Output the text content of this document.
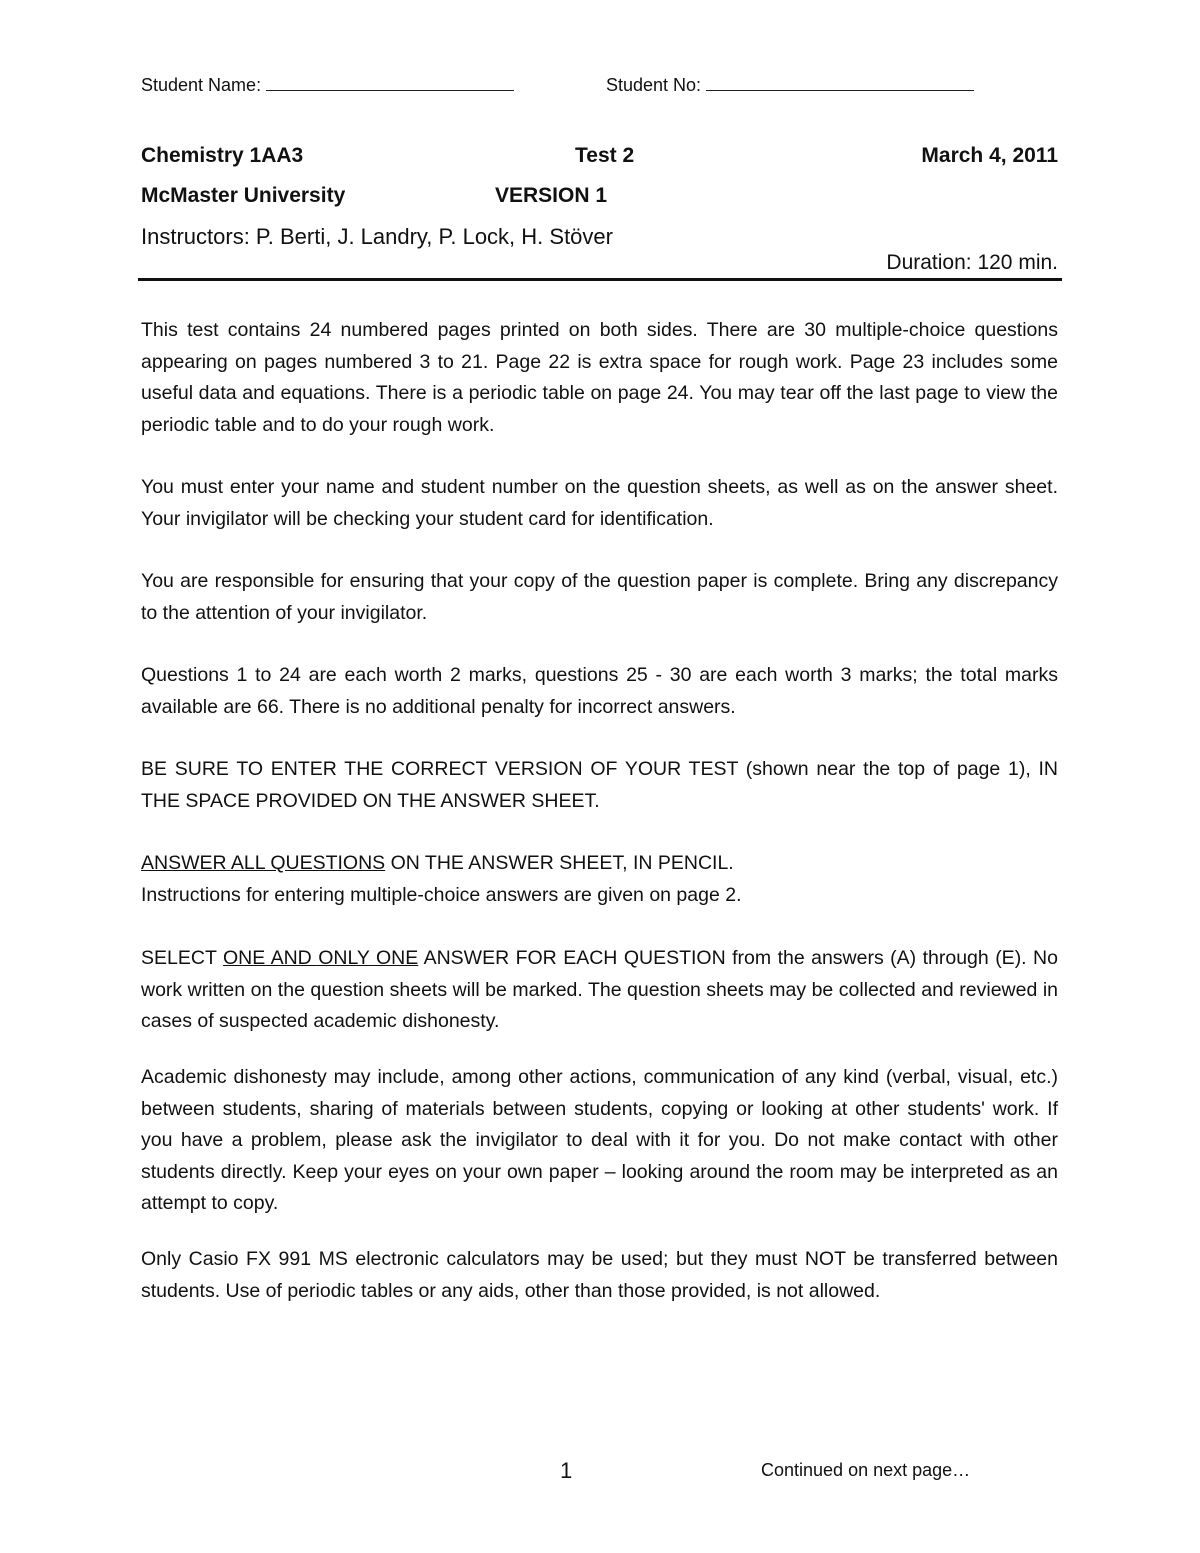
Student Name:	Student No:
Chemistry 1AA3	Test 2	March 4, 2011
McMaster University	VERSION 1
Instructors: P. Berti, J. Landry, P. Lock, H. Stöver
Duration: 120 min.
This test contains 24 numbered pages printed on both sides. There are 30 multiple-choice questions appearing on pages numbered 3 to 21. Page 22 is extra space for rough work. Page 23 includes some useful data and equations. There is a periodic table on page 24. You may tear off the last page to view the periodic table and to do your rough work.
You must enter your name and student number on the question sheets, as well as on the answer sheet. Your invigilator will be checking your student card for identification.
You are responsible for ensuring that your copy of the question paper is complete. Bring any discrepancy to the attention of your invigilator.
Questions 1 to 24 are each worth 2 marks, questions 25 - 30 are each worth 3 marks; the total marks available are 66. There is no additional penalty for incorrect answers.
BE SURE TO ENTER THE CORRECT VERSION OF YOUR TEST (shown near the top of page 1), IN THE SPACE PROVIDED ON THE ANSWER SHEET.
ANSWER ALL QUESTIONS ON THE ANSWER SHEET, IN PENCIL.
Instructions for entering multiple-choice answers are given on page 2.
SELECT ONE AND ONLY ONE ANSWER FOR EACH QUESTION from the answers (A) through (E). No work written on the question sheets will be marked. The question sheets may be collected and reviewed in cases of suspected academic dishonesty.
Academic dishonesty may include, among other actions, communication of any kind (verbal, visual, etc.) between students, sharing of materials between students, copying or looking at other students' work. If you have a problem, please ask the invigilator to deal with it for you. Do not make contact with other students directly. Keep your eyes on your own paper – looking around the room may be interpreted as an attempt to copy.
Only Casio FX 991 MS electronic calculators may be used; but they must NOT be transferred between students. Use of periodic tables or any aids, other than those provided, is not allowed.
1	Continued on next page…
